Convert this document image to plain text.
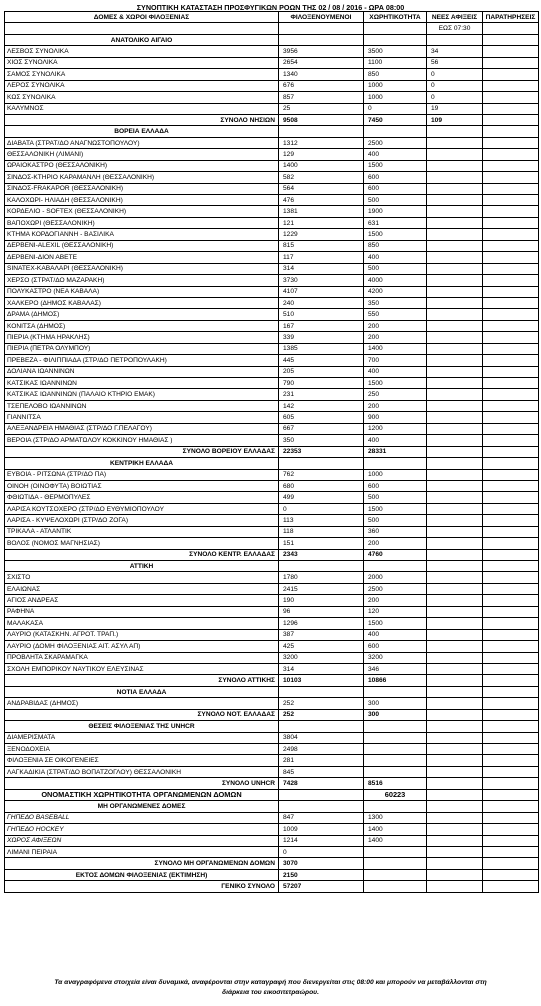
ΣΥΝΟΠΤΙΚΗ ΚΑΤΑΣΤΑΣΗ ΠΡΟΣΦΥΓΙΚΩΝ ΡΟΩΝ ΤΗΣ 02 / 08 / 2016 - ΩΡΑ 08:00
ΔΟΜΕΣ & ΧΩΡΟΙ ΦΙΛΟΞΕΝΙΑΣ	ΦΙΛΟΞΕΝΟΥΜΕΝΟΙ	ΧΩΡΗΤΙΚΟΤΗΤΑ	ΝΕΕΣ ΑΦΙΞΕΙΣ	ΠΑΡΑΤΗΡΗΣΕΙΣ
			ΕΩΣ 07:30	
ΑΝΑΤΟΛΙΚΟ ΑΙΓΑΙΟ				
ΛΕΣΒΟΣ ΣΥΝΟΛΙΚΑ	3956	3500	34	
ΧΙΟΣ ΣΥΝΟΛΙΚΑ	2654	1100	56	
ΣΑΜΟΣ ΣΥΝΟΛΙΚΑ	1340	850	0	
ΛΕΡΟΣ ΣΥΝΟΛΙΚΑ	676	1000	0	
ΚΩΣ ΣΥΝΟΛΙΚΑ	857	1000	0	
ΚΑΛΥΜΝΟΣ	25	0	19	
ΣΥΝΟΛΟ ΝΗΣΙΩΝ	9508	7450	109	
ΒΟΡΕΙΑ ΕΛΛΑΔΑ				
ΔΙΑΒΑΤΑ (ΣΤΡΑΤ/ΔΟ ΑΝΑΓΝΩΣΤΟΠΟΥΛΟΥ)	1312	2500		
ΘΕΣΣΑΛΟΝΙΚΗ (ΛΙΜΑΝΙ)	129	400		
ΩΡΑΙΟΚΑΣΤΡΟ (ΘΕΣΣΑΛΟΝΙΚΗ)	1400	1500		
ΣΙΝΔΟΣ-ΚΤΗΡΙΟ ΚΑΡΑΜΑΝΛΗ (ΘΕΣΣΑΛΟΝΙΚΗ)	582	600		
ΣΙΝΔΟΣ-FRAKAPOR (ΘΕΣΣΑΛΟΝΙΚΗ)	564	600		
ΚΑΛΟΧΩΡΙ- ΗΛΙΑΔΗ (ΘΕΣΣΑΛΟΝΙΚΗ)	476	500		
ΚΟΡΔΕΛΙΟ - SOFTEX (ΘΕΣΣΑΛΟΝΙΚΗ)	1381	1900		
ΒΑΠΟΧΩΡΙ (ΘΕΣΣΑΛΟΝΙΚΗ)	121	631		
ΚΤΗΜΑ ΚΟΡΔΟΓΙΑΝΝΗ - ΒΑΣΙΛΙΚΑ	1229	1500		
ΔΕΡΒΕΝΙ-ALEXIL (ΘΕΣΣΑΛΟΝΙΚΗ)	815	850		
ΔΕΡΒΕΝΙ-ΔΙΟΝ ΑΒΕΤΕ	117	400		
SINATEX-ΚΑΒΑΛΑΡΙ (ΘΕΣΣΑΛΟΝΙΚΗ)	314	500		
ΧΕΡΣΟ (ΣΤΡΑΤ/ΔΟ ΜΑΖΑΡΑΚΗ)	3730	4000		
ΠΟΛΥΚΑΣΤΡΟ (ΝΕΑ ΚΑΒΑΛΑ)	4107	4200		
ΧΑΛΚΕΡΟ (ΔΗΜΟΣ ΚΑΒΑΛΑΣ)	240	350		
ΔΡΑΜΑ (ΔΗΜΟΣ)	510	550		
ΚΟΝΙΤΣΑ (ΔΗΜΟΣ)	167	200		
ΠΙΕΡΙΑ (ΚΤΗΜΑ ΗΡΑΚΛΗΣ)	339	200		
ΠΙΕΡΙΑ (ΠΕΤΡΑ ΟΛΥΜΠΟΥ)	1385	1400		
ΠΡΕΒΕΖΑ - ΦΙΛΙΠΠΙΑΔΑ (ΣΤΡ/ΔΟ ΠΕΤΡΟΠΟΥΛΑΚΗ)	445	700		
ΔΟΛΙΑΝΑ ΙΩΑΝΝΙΝΩΝ	205	400		
ΚΑΤΣΙΚΑΣ ΙΩΑΝΝΙΝΩΝ	790	1500		
ΚΑΤΣΙΚΑΣ ΙΩΑΝΝΙΝΩΝ (ΠΑΛΑΙΟ ΚΤΗΡΙΟ ΕΜΑΚ)	231	250		
ΤΣΕΠΕΛΟΒΟ ΙΩΑΝΝΙΝΩΝ	142	200		
ΓΙΑΝΝΙΤΣΑ	605	900		
ΑΛΕΞΑΝΔΡΕΙΑ ΗΜΑΘΙΑΣ (ΣΤΡ/ΔΟ Γ.ΠΕΛΑΓΟΥ)	667	1200		
ΒΕΡΟΙΑ (ΣΤΡ/ΔΟ ΑΡΜΑΤΩΛΟΥ ΚΟΚΚΙΝΟΥ ΗΜΑΘΙΑΣ )	350	400		
ΣΥΝΟΛΟ ΒΟΡΕΙΟΥ ΕΛΛΑΔΑΣ	22353	28331		
ΚΕΝΤΡΙΚΗ ΕΛΛΑΔΑ				
ΕΥΒΟΙΑ - ΡΙΤΣΩΝΑ (ΣΤΡ/ΔΟ ΠΑ)	762	1000		
ΟΙΝΟΗ (ΟΙΝΟΦΥΤΑ) ΒΟΙΩΤΙΑΣ	680	600		
ΦΘΙΩΤΙΔΑ - ΘΕΡΜΟΠΥΛΕΣ	499	500		
ΛΑΡΙΣΑ ΚΟΥΤΣΟΧΕΡΟ (ΣΤΡ/ΔΟ ΕΥΘΥΜΙΟΠΟΥΛΟΥ	0	1500		
ΛΑΡΙΣΑ - ΚΥΨΕΛΟΧΩΡΙ (ΣΤΡ/ΔΟ ΖΟΓΑ)	113	500		
ΤΡΙΚΑΛΑ - ΑΤΛΑΝΤΙΚ	118	360		
ΒΟΛΟΣ (ΝΟΜΟΣ ΜΑΓΝΗΣΙΑΣ)	151	200		
ΣΥΝΟΛΟ ΚΕΝΤΡ. ΕΛΛΑΔΑΣ	2343	4760		
ΑΤΤΙΚΗ				
ΣΧΙΣΤΟ	1780	2000		
ΕΛΑΙΩΝΑΣ	2415	2500		
ΑΓΙΟΣ ΑΝΔΡΕΑΣ	190	200		
ΡΑΦΗΝΑ	96	120		
ΜΑΛΑΚΑΣΑ	1296	1500		
ΛΑΥΡΙΟ (ΚΑΤΑΣΚΗΝ. ΑΓΡΟΤ. ΤΡΑΠ.)	387	400		
ΛΑΥΡΙΟ (ΔΟΜΗ ΦΙΛΟΞΕΝΙΑΣ ΑΙΤ. ΑΣΥΛ ΑΠ)	425	600		
ΠΡΟΒΛΗΤΑ ΣΚΑΡΑΜΑΓΚΑ	3200	3200		
ΣΧΟΛΗ ΕΜΠΟΡΙΚΟΥ ΝΑΥΤΙΚΟΥ ΕΛΕΥΣΙΝΑΣ	314	346		
ΣΥΝΟΛΟ ΑΤΤΙΚΗΣ	10103	10866		
ΝΟΤΙΑ ΕΛΛΑΔΑ				
ΑΝΔΡΑΒΙΔΑΣ (ΔΗΜΟΣ)	252	300		
ΣΥΝΟΛΟ ΝΟΤ. ΕΛΛΑΔΑΣ	252	300		
ΘΕΣΕΙΣ ΦΙΛΟΞΕΝΙΑΣ ΤΗΣ UNHCR				
ΔΙΑΜΕΡΙΣΜΑΤΑ	3804			
ΞΕΝΟΔΟΧΕΙΑ	2498			
ΦΙΛΟΞΕΝΙΑ ΣΕ ΟΙΚΟΓΕΝΕΙΕΣ	281			
ΛΑΓΚΑΔΙΚΙΑ (ΣΤΡΑΤ/ΔΟ ΒΟΠΑΤΖΟΓΛΟΥ) ΘΕΣΣΑΛΟΝΙΚΗ	845			
ΣΥΝΟΛΟ UNHCR	7428	8516		
ΟΝΟΜΑΣΤΙΚΗ ΧΩΡΗΤΙΚΟΤΗΤΑ ΟΡΓΑΝΩΜΕΝΩΝ ΔΟΜΩΝ		60223		
ΜΗ ΟΡΓΑΝΩΜΕΝΕΣ ΔΟΜΕΣ				
ΓΗΠΕΔΟ BASEBALL	847	1300		
ΓΗΠΕΔΟ HOCKEY	1009	1400		
ΧΩΡΟΣ ΑΦΙΞΕΩΝ	1214	1400		
ΛΙΜΑΝΙ ΠΕΙΡΑΙΑ	0			
ΣΥΝΟΛΟ ΜΗ ΟΡΓΑΝΩΜΕΝΩΝ ΔΟΜΩΝ	3070			
ΕΚΤΟΣ ΔΟΜΩΝ ΦΙΛΟΞΕΝΙΑΣ (ΕΚΤΙΜΗΣΗ)	2150			
ΓΕΝΙΚΟ ΣΥΝΟΛΟ	57207			
Τα αναγραφόμενα στοιχεία είναι δυναμικά, αναφέρονται στην καταγραφή που διενεργείται στις 08:00 και μπορούν να μεταβάλλονται στη
διάρκεια του εικοσιτετραώρου.
